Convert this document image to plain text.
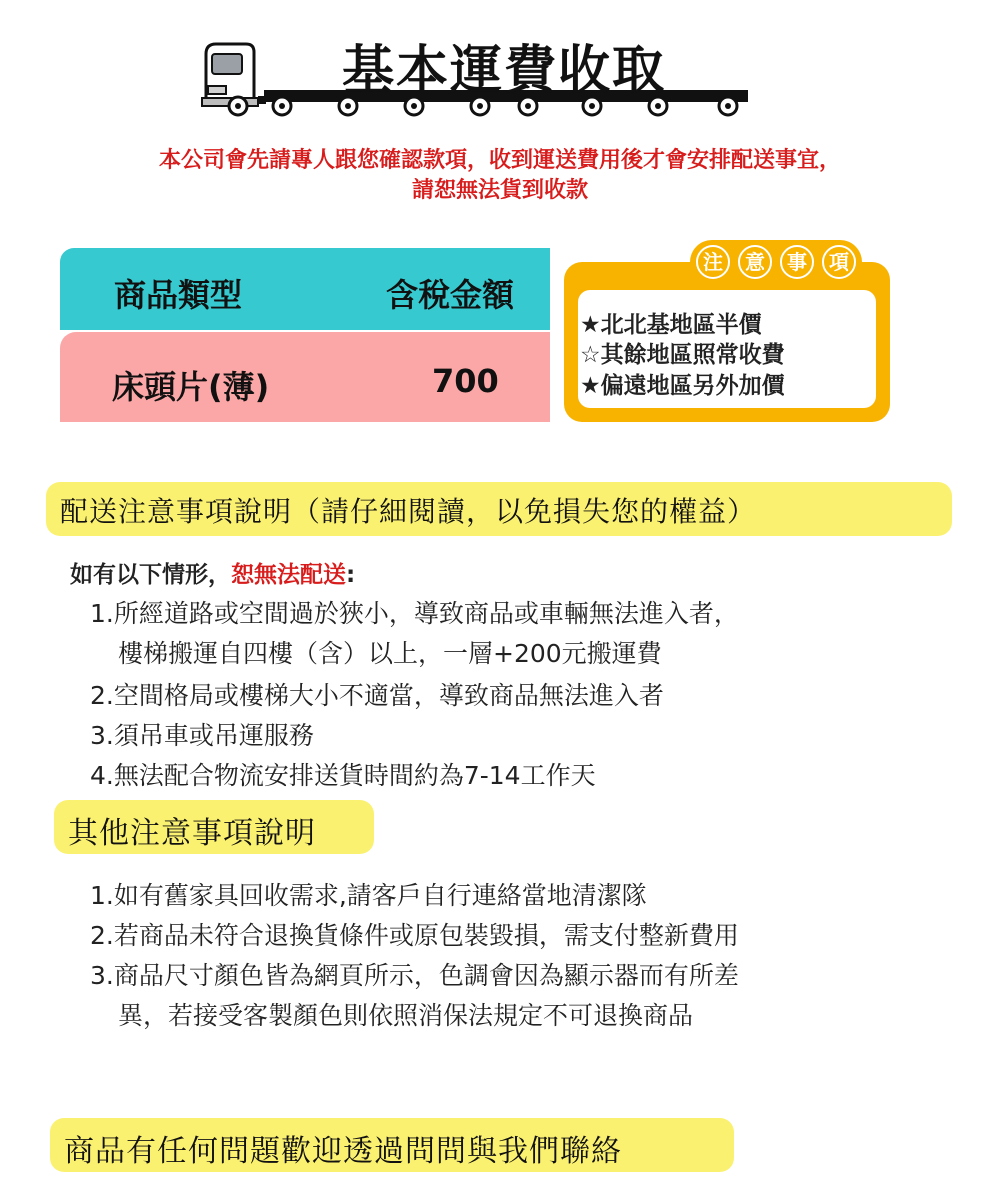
基本運費收取
本公司會先請專人跟您確認款項，收到運送費用後才會安排配送事宜，
請恕無法貨到收款
商品類型	含稅金額
床頭片(薄)	700
注	意	事	項
★北北基地區半價
☆其餘地區照常收費
★偏遠地區另外加價
配送注意事項說明（請仔細閱讀，以免損失您的權益）
如有以下情形，恕無法配送:
1.所經道路或空間過於狹小，導致商品或車輛無法進入者，
樓梯搬運自四樓（含）以上，一層+200元搬運費
2.空間格局或樓梯大小不適當，導致商品無法進入者
3.須吊車或吊運服務
4.無法配合物流安排送貨時間約為7-14工作天
其他注意事項說明
1.如有舊家具回收需求,請客戶自行連絡當地清潔隊
2.若商品未符合退換貨條件或原包裝毀損，需支付整新費用
3.商品尺寸顏色皆為網頁所示，色調會因為顯示器而有所差
異，若接受客製顏色則依照消保法規定不可退換商品
商品有任何問題歡迎透過問問與我們聯絡
